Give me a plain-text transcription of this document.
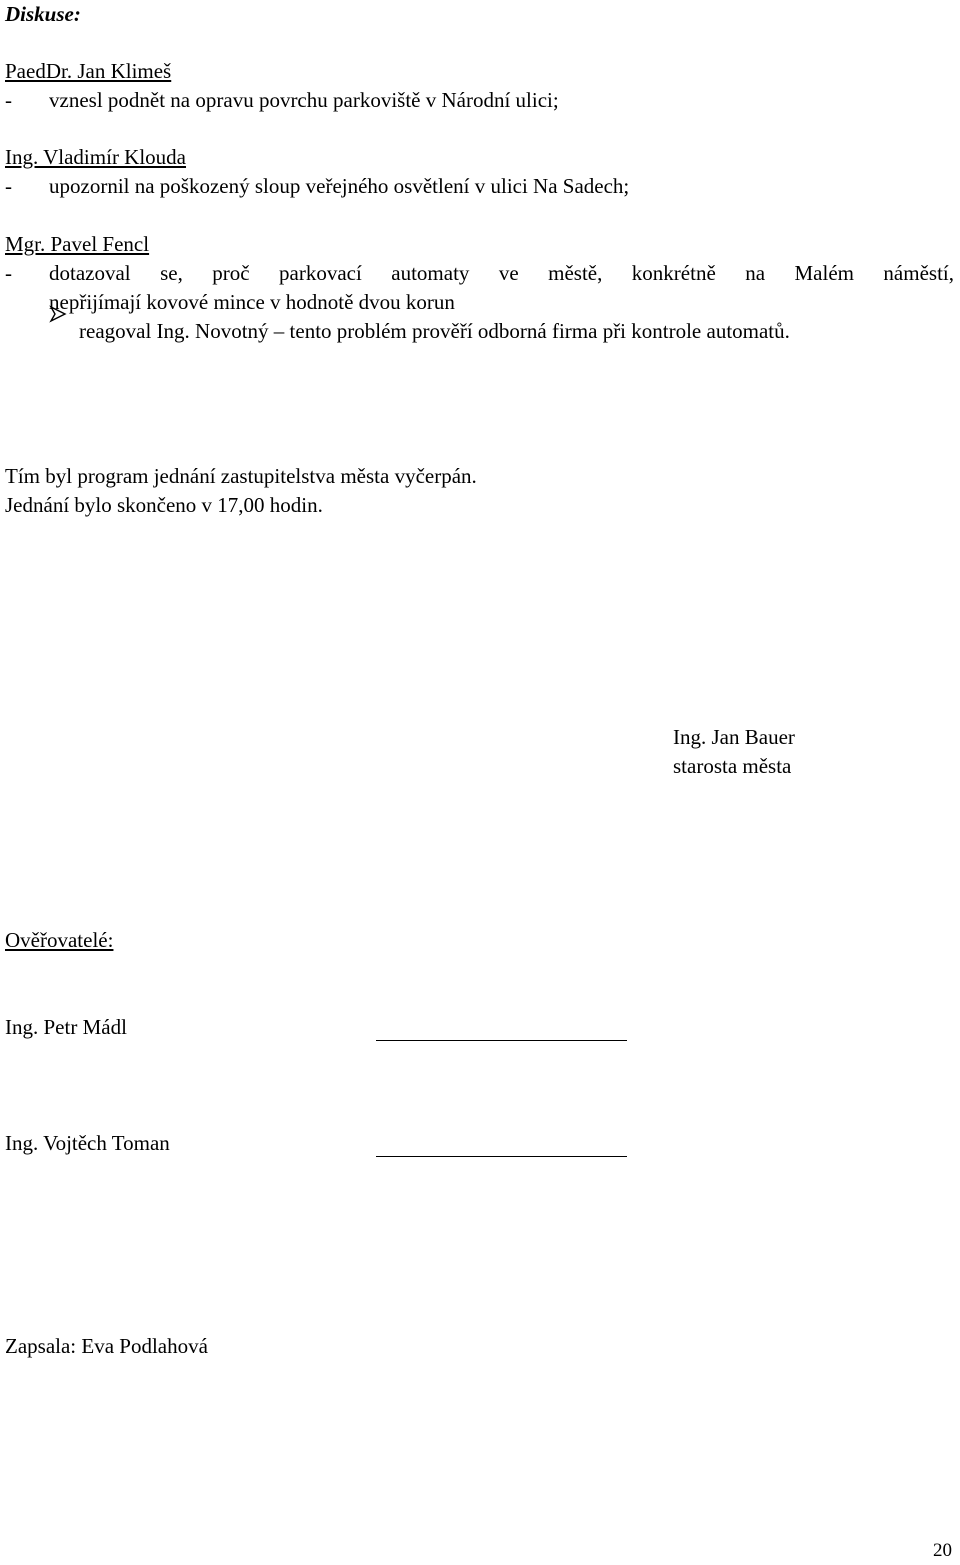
Diskuse:
PaedDr. Jan Klimeš
- vznesl podnět na opravu povrchu parkoviště v Národní ulici;
Ing. Vladimír Klouda
- upozornil na poškozený sloup veřejného osvětlení v ulici Na Sadech;
Mgr. Pavel Fencl
- dotazoval se, proč parkovací automaty ve městě, konkrétně na Malém náměstí,
nepřijímají kovové mince v hodnotě dvou korun
reagoval Ing. Novotný – tento problém prověří odborná firma při kontrole automatů.
Tím byl program jednání zastupitelstva města vyčerpán.
Jednání bylo skončeno v 17,00 hodin.
Ing. Jan Bauer
starosta města
Ověřovatelé:
Ing. Petr Mádl
Ing. Vojtěch Toman
Zapsala: Eva Podlahová
20
